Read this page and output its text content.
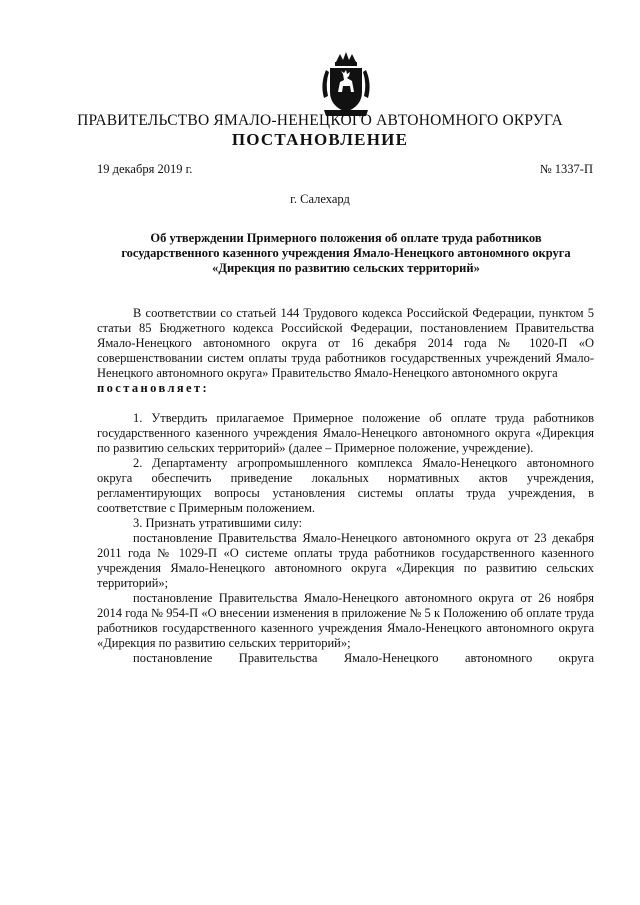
ПРАВИТЕЛЬСТВО ЯМАЛО-НЕНЕЦКОГО АВТОНОМНОГО ОКРУГА
ПОСТАНОВЛЕНИЕ
19 декабря 2019 г.	№ 1337-П
г. Салехард
Об утверждении Примерного положения об оплате труда работников государственного казенного учреждения Ямало-Ненецкого автономного округа «Дирекция по развитию сельских территорий»

В соответствии со статьей 144 Трудового кодекса Российской Федерации, пунктом 5 статьи 85 Бюджетного кодекса Российской Федерации, постановлением Правительства Ямало-Ненецкого автономного округа от 16 декабря 2014 года № 1020-П «О совершенствовании систем оплаты труда работников государственных учреждений Ямало-Ненецкого автономного округа» Правительство Ямало-Ненецкого автономного округа

постановляет:

1. Утвердить прилагаемое Примерное положение об оплате труда работников государственного казенного учреждения Ямало-Ненецкого автономного округа «Дирекция по развитию сельских территорий» (далее – Примерное положение, учреждение).

2. Департаменту агропромышленного комплекса Ямало-Ненецкого автономного округа обеспечить приведение локальных нормативных актов учреждения, регламентирующих вопросы установления системы оплаты труда учреждения, в соответствие с Примерным положением.

3. Признать утратившими силу:

постановление Правительства Ямало-Ненецкого автономного округа от 23 декабря 2011 года № 1029-П «О системе оплаты труда работников государственного казенного учреждения Ямало-Ненецкого автономного округа «Дирекция по развитию сельских территорий»;

постановление Правительства Ямало-Ненецкого автономного округа от 26 ноября 2014 года № 954-П «О внесении изменения в приложение № 5 к Положению об оплате труда работников государственного казенного учреждения Ямало-Ненецкого автономного округа «Дирекция по развитию сельских территорий»;

постановление Правительства Ямало-Ненецкого автономного округа
